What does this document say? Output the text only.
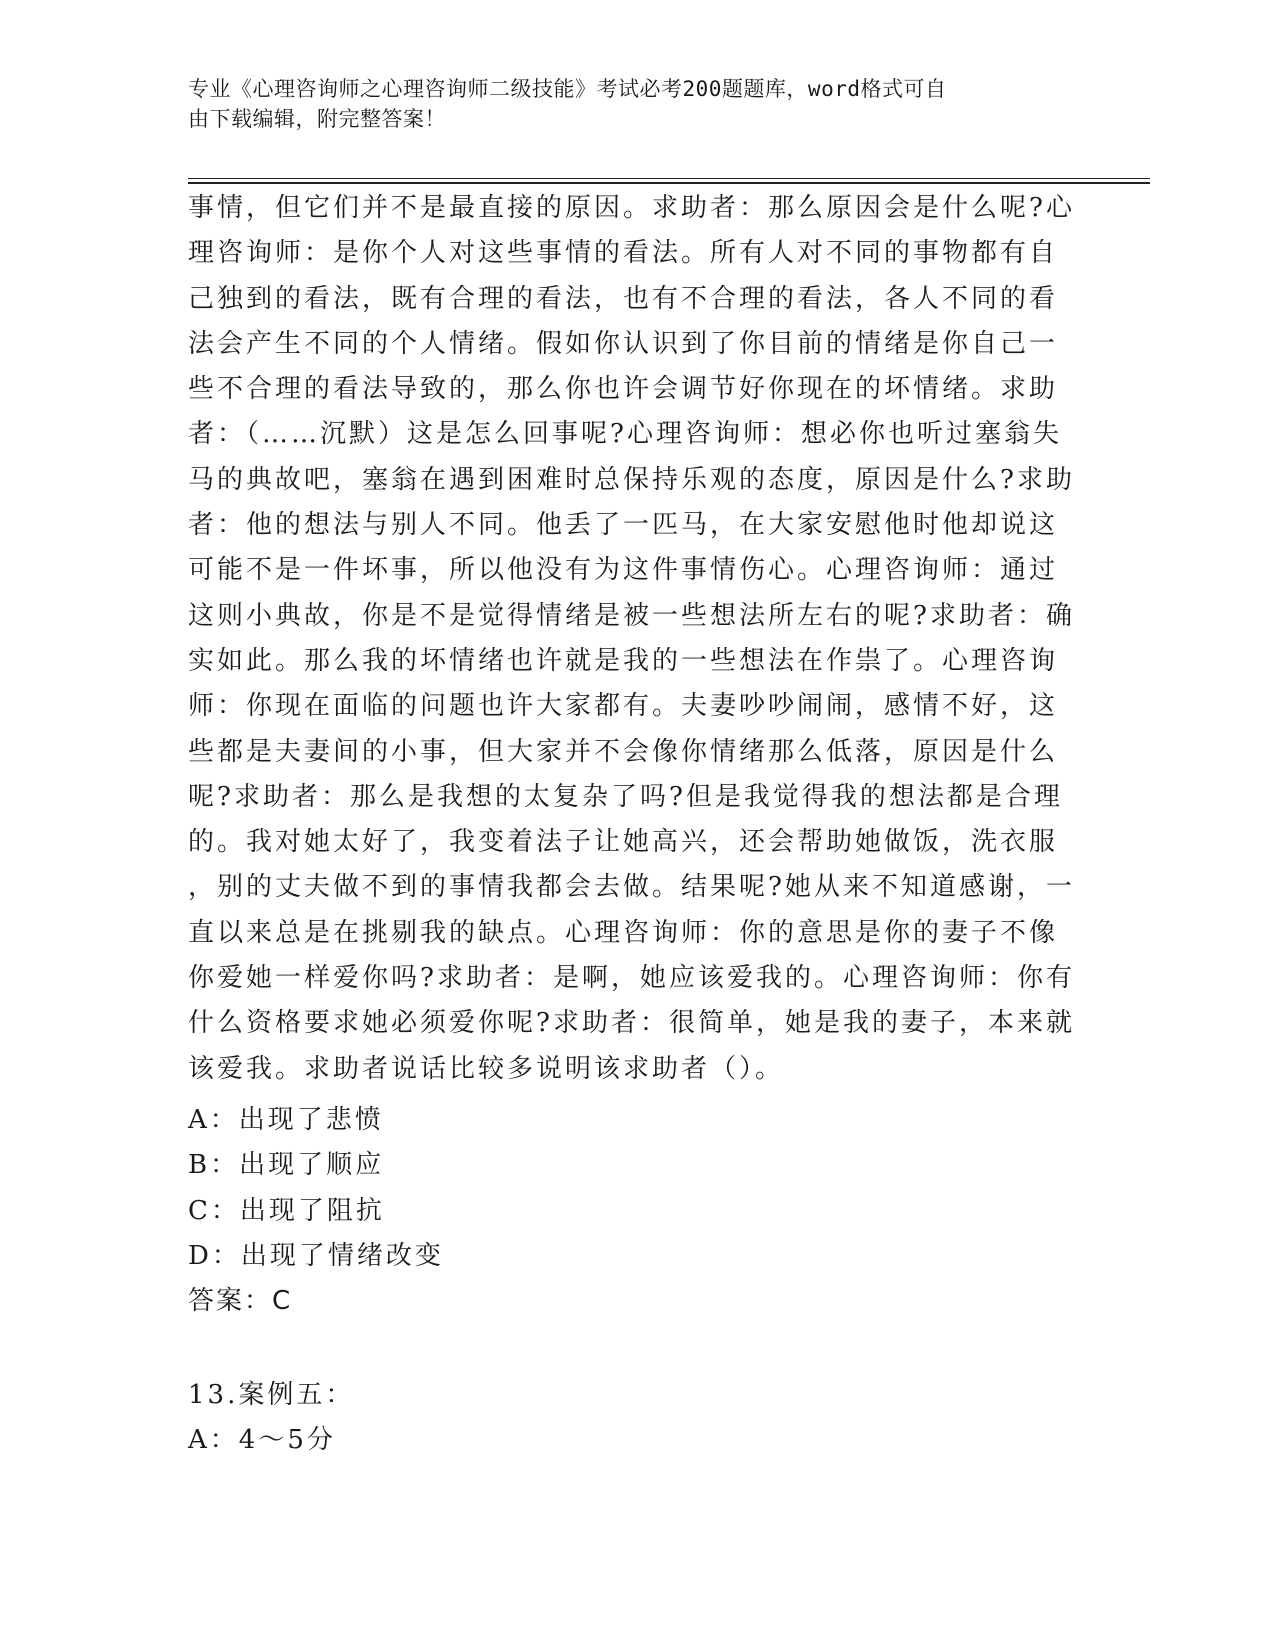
专业《心理咨询师之心理咨询师二级技能》考试必考200题题库，word格式可自
由下载编辑，附完整答案！
事情，但它们并不是最直接的原因。求助者：那么原因会是什么呢?心
理咨询师：是你个人对这些事情的看法。所有人对不同的事物都有自
己独到的看法，既有合理的看法，也有不合理的看法，各人不同的看
法会产生不同的个人情绪。假如你认识到了你目前的情绪是你自己一
些不合理的看法导致的，那么你也许会调节好你现在的坏情绪。求助
者：（……沉默）这是怎么回事呢?心理咨询师：想必你也听过塞翁失
马的典故吧，塞翁在遇到困难时总保持乐观的态度，原因是什么?求助
者：他的想法与别人不同。他丢了一匹马，在大家安慰他时他却说这
可能不是一件坏事，所以他没有为这件事情伤心。心理咨询师：通过
这则小典故，你是不是觉得情绪是被一些想法所左右的呢?求助者：确
实如此。那么我的坏情绪也许就是我的一些想法在作祟了。心理咨询
师：你现在面临的问题也许大家都有。夫妻吵吵闹闹，感情不好，这
些都是夫妻间的小事，但大家并不会像你情绪那么低落，原因是什么
呢?求助者：那么是我想的太复杂了吗?但是我觉得我的想法都是合理
的。我对她太好了，我变着法子让她高兴，还会帮助她做饭，洗衣服
，别的丈夫做不到的事情我都会去做。结果呢?她从来不知道感谢，一
直以来总是在挑剔我的缺点。心理咨询师：你的意思是你的妻子不像
你爱她一样爱你吗?求助者：是啊，她应该爱我的。心理咨询师：你有
什么资格要求她必须爱你呢?求助者：很简单，她是我的妻子，本来就
该爱我。求助者说话比较多说明该求助者（）。
A：出现了悲愤
B：出现了顺应
C：出现了阻抗
D：出现了情绪改变
答案：C
13.案例五：
A：4～5分
